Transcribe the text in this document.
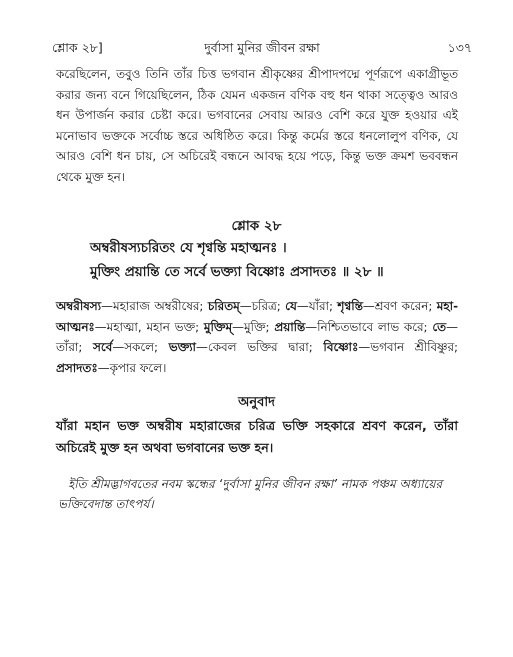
শ্লোক ২৮]	দুর্বাসা মুনির জীবন রক্ষা	১৩৭

করেছিলেন, তবুও তিনি তাঁর চিত্ত ভগবান শ্রীকৃষ্ণের শ্রীপাদপদ্মে পূর্ণরূপে একাগ্রীভূত করার জন্য বনে গিয়েছিলেন, ঠিক যেমন একজন বণিক বহু ধন থাকা সত্ত্বেও আরও ধন উপার্জন করার চেষ্টা করে। ভগবানের সেবায় আরও বেশি করে যুক্ত হওয়ার এই মনোভাব ভক্তকে সর্বোচ্চ স্তরে অধিষ্ঠিত করে। কিন্তু কর্মের স্তরে ধনলোলুপ বণিক, যে আরও বেশি ধন চায়, সে অচিরেই বন্ধনে আবদ্ধ হয়ে পড়ে, কিন্তু ভক্ত ক্রমশ ভববন্ধন থেকে মুক্ত হন।

শ্লোক ২৮
অম্বরীষস্যচরিতং যে শৃণ্বন্তি মহাত্মনঃ ।
মুক্তিং প্রয়ান্তি তে সর্বে ভক্ত্যা বিষ্ণোঃ প্রসাদতঃ ॥ ২৮ ॥

অম্বরীষস্য—মহারাজ অম্বরীষের; চরিতম্—চরিত্র; যে—যাঁরা; শৃণ্বন্তি—শ্রবণ করেন; মহা-আত্মনঃ—মহাত্মা, মহান ভক্ত; মুক্তিম্—মুক্তি; প্রয়ান্তি—নিশ্চিতভাবে লাভ করে; তে—তাঁরা; সর্বে—সকলে; ভক্ত্যা—কেবল ভক্তির দ্বারা; বিষ্ণোঃ—ভগবান শ্রীবিষ্ণুর; প্রসাদতঃ—কৃপার ফলে।

অনুবাদ

যাঁরা মহান ভক্ত অম্বরীষ মহারাজের চরিত্র ভক্তি সহকারে শ্রবণ করেন, তাঁরা অচিরেই মুক্ত হন অথবা ভগবানের ভক্ত হন।

ইতি শ্রীমদ্ভাগবতের নবম স্কন্ধের ‘দুর্বাসা মুনির জীবন রক্ষা’ নামক পঞ্চম অধ্যায়ের ভক্তিবেদান্ত তাৎপর্য।
